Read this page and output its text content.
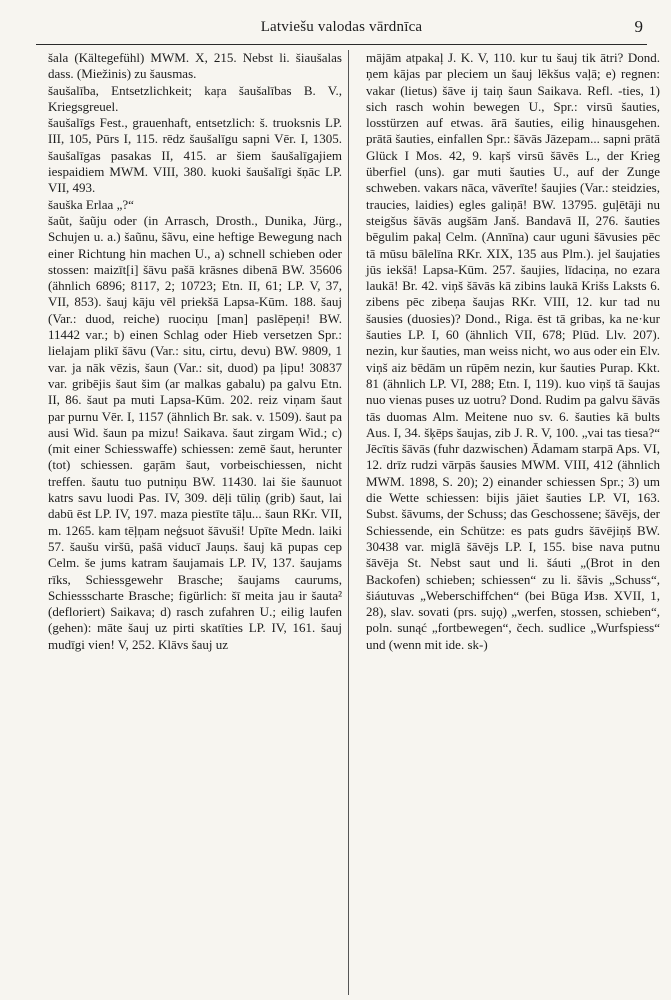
Latviešu valodas vārdnīca	9

šala (Kältegefühl) MWM. X, 215. Nebst li. šiaušalas dass. (Miežinis) zu šausmas.

šaušalība, Entsetzlichkeit; kaŗa šaušalības B. V., Kriegsgreuel.

šaušalīgs Fest., grauenhaft, entsetzlich: š. truoksnis LP. III, 105, Pūrs I, 115. rēdz šaušalīgu sapni Vēr. I, 1305. šaušalīgas pasakas II, 415. ar šiem šaušalīgajiem iespaidiem MWM. VIII, 380. kuoki šaušalīgi šņāc LP. VII, 493.

šauška Erlaa „?“

šaũt, šaũju oder (in Arrasch, Drosth., Dunika, Jürg., Schujen u. a.) šaũnu, šãvu, eine heftige Bewegung nach einer Richtung hin machen U., a) schnell schieben oder stossen: maizīt[i] šāvu pašā krāsnes dibenā BW. 35606 (ähnlich 6896; 8117, 2; 10723; Etn. II, 61; LP. V, 37, VII, 853). šauj kāju vēl priekšā Lapsa-Kūm. 188. šauj (Var.: duod, reiche) ruociņu [man] paslēpeņi! BW. 11442 var.; b) einen Schlag oder Hieb versetzen Spr.: lielajam plikī šāvu (Var.: situ, cirtu, devu) BW. 9809, 1 var. ja nāk vēzis, šaun (Var.: sit, duod) pa ļipu! 30837 var. gribējis šaut šim (ar malkas gabalu) pa galvu Etn. II, 86. šaut pa muti Lapsa-Kūm. 202. reiz viņam šaut par purnu Vēr. I, 1157 (ähnlich Br. sak. v. 1509). šaut pa ausi Wid. šaun pa mizu! Saikava. šaut zirgam Wid.; c) (mit einer Schiesswaffe) schiessen: zemē šaut, herunter (tot) schiessen. gaŗām šaut, vorbeischiessen, nicht treffen. šautu tuo putniņu BW. 11430. lai šie šaunuot katrs savu luodi Pas. IV, 309. dēļi tūliņ (grib) šaut, lai dabū ēst LP. IV, 197. maza piestīte tāļu... šaun RKr. VII, m. 1265. kam tēļņam neģsuot šāvuši! Upīte Medn. laiki 57. šaušu viršū, pašā viducī Jauņs. šauj kā pupas cep Celm. še jums katram šaujamais LP. IV, 137. šaujams rīks, Schiessgewehr Brasche; šaujams caurums, Schiessscharte Brasche; figürlich: šī meita jau ir šauta² (defloriert) Saikava; d) rasch zufahren U.; eilig laufen (gehen): māte šauj uz pirti skatīties LP. IV, 161. šauj mudīgi vien! V, 252. Klāvs šauj uz

mājām atpakaļ J. K. V, 110. kur tu šauj tik ātri? Dond. ņem kājas par pleciem un šauj lēkšus vaļā; e) regnen: vakar (lietus) šāve ij taiņ šaun Saikava. Refl. -ties, 1) sich rasch wohin bewegen U., Spr.: virsū šauties, losstürzen auf etwas. ārā šauties, eilig hinausgehen. prātā šauties, einfallen Spr.: šāvās Jāzepam... sapni prātā Glück I Mos. 42, 9. kaŗš virsū šāvēs L., der Krieg überfiel (uns). gar muti šauties U., auf der Zunge schweben. vakars nāca, vāverīte! šaujies (Var.: steidzies, traucies, laidies) egles galiņā! BW. 13795. guļētāji nu steigšus šāvās augšām Janš. Bandavā II, 276. šauties bēgulim pakaļ Celm. (Annīna) caur uguni šāvusies pēc tā mūsu bālelīna RKr. XIX, 135 aus Plm.). jel šaujaties jūs iekšā! Lapsa-Kūm. 257. šaujies, līdaciņa, no ezara laukā! Br. 42. viņš šāvās kā zibins laukā Krišs Laksts 6. zibens pēc zibeņa šaujas RKr. VIII, 12. kur tad nu šausies (duosies)? Dond., Riga. ēst tā gribas, ka ne·kur šauties LP. I, 60 (ähnlich VII, 678; Plūd. Llv. 207). nezin, kur šauties, man weiss nicht, wo aus oder ein Elv. viņš aiz bēdām un rūpēm nezin, kur šauties Purap. Kkt. 81 (ähnlich LP. VI, 288; Etn. I, 119). kuo viņš tā šaujas nuo vienas puses uz uotru? Dond. Rudim pa galvu šāvās tās duomas Alm. Meitene nuo sv. 6. šauties kā bults Aus. I, 34. šķēps šaujas, zib J. R. V, 100. „vai tas tiesa?“ Jēcītis šāvās (fuhr dazwischen) Ādamam starpā Aps. VI, 12. drīz rudzi vārpās šausies MWM. VIII, 412 (ähnlich MWM. 1898, S. 20); 2) einander schiessen Spr.; 3) um die Wette schiessen: bijis jāiet šauties LP. VI, 163. Subst. šāvums, der Schuss; das Geschossene; šāvējs, der Schiessende, ein Schütze: es pats gudrs šāvējiņš BW. 30438 var. miglā šāvējs LP. I, 155. bise nava putnu šāvēja St. Nebst saut und li. šáuti „(Brot in den Backofen) schieben; schiessen“ zu li. šãvis „Schuss“, šiáutuvas „Weberschiffchen“ (bei Būga Изв. XVII, 1, 28), slav. sovati (prs. sujǫ) „werfen, stossen, schieben“, poln. sunąć „fortbewegen“, čech. sudlice „Wurfspiess“ und (wenn mit ide. sk-)
